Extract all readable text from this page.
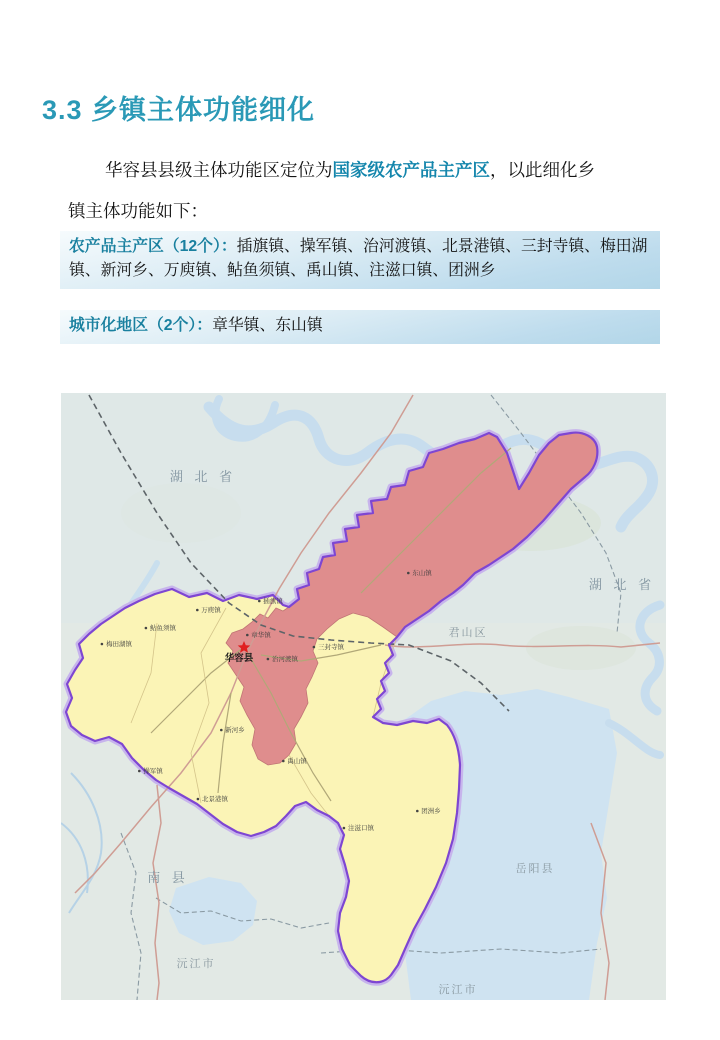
3.3 乡镇主体功能细化
华容县县级主体功能区定位为国家级农产品主产区，以此细化乡
镇主体功能如下：
农产品主产区（12个）：插旗镇、操军镇、治河渡镇、北景港镇、三封寺镇、梅田湖镇、新河乡、万庾镇、鲇鱼须镇、禹山镇、注滋口镇、团洲乡
城市化地区（2个）：章华镇、东山镇
湖 北 省
湖 北 省
君山区
岳阳县
南 县
沅江市
沅江市
插旗镇
万庾镇
鲇鱼须镇
梅田湖镇
操军镇
新河乡
禹山镇
北景港镇
注滋口镇
团洲乡
章华镇
治河渡镇
三封寺镇
东山镇
华容县
